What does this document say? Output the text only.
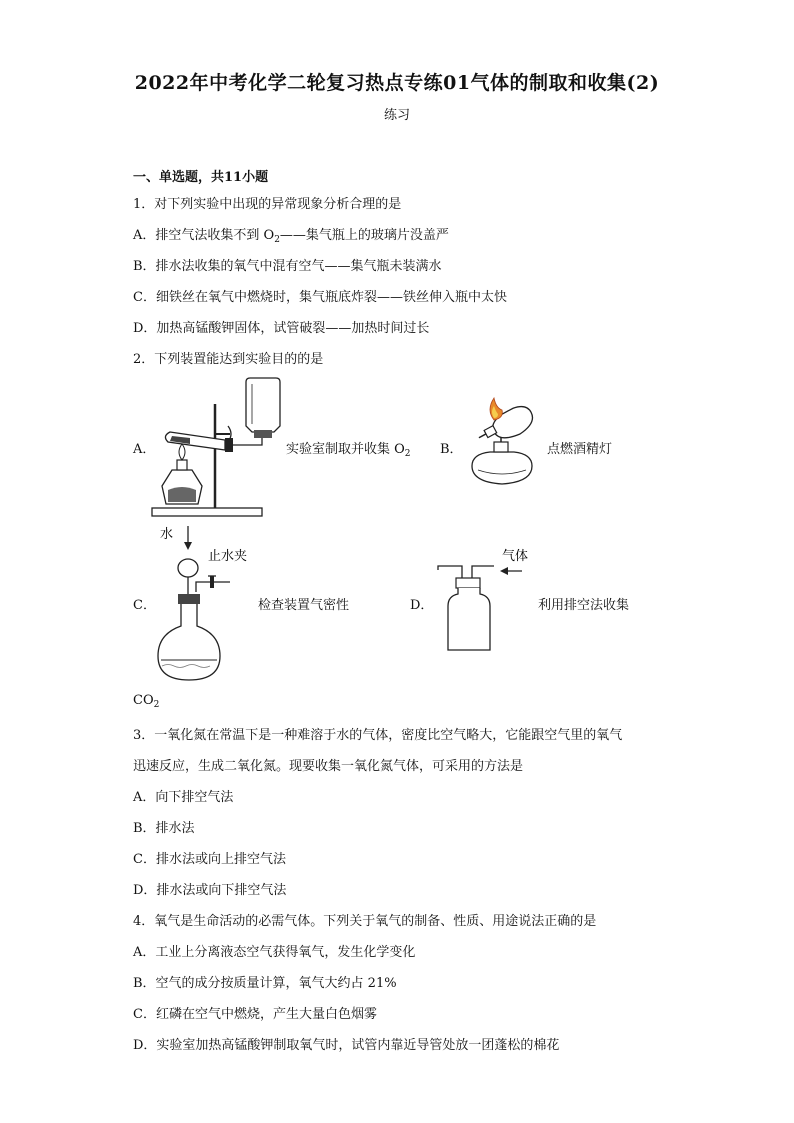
2022年中考化学二轮复习热点专练01气体的制取和收集(2)
练习
一、单选题，共11小题
1．对下列实验中出现的异常现象分析合理的是
A．排空气法收集不到 $O_2——$集气瓶上的玻璃片没盖严
B．排水法收集的氧气中混有空气——集气瓶未装满水
C．细铁丝在氧气中燃烧时，集气瓶底炸裂——铁丝伸入瓶中太快
D．加热高锰酸钾固体，试管破裂——加热时间过长
2．下列装置能达到实验目的的是
A．	实验室制取并收集 $O_2$ B．	点燃酒精灯
C．
水
止水夹
检查装置气密性	D．
气体
利用排空法收集
$CO_2$
3．一氧化氮在常温下是一种难溶于水的气体，密度比空气略大，它能跟空气里的氧气
迅速反应，生成二氧化氮。现要收集一氧化氮气体，可采用的方法是
A．向下排空气法
B．排水法
C．排水法或向上排空气法
D．排水法或向下排空气法
4．氧气是生命活动的必需气体。下列关于氧气的制备、性质、用途说法正确的是
A．工业上分离液态空气获得氧气，发生化学变化
B．空气的成分按质量计算，氧气大约占 21%
C．红磷在空气中燃烧，产生大量白色烟雾
D．实验室加热高锰酸钾制取氧气时，试管内靠近导管处放一团蓬松的棉花
